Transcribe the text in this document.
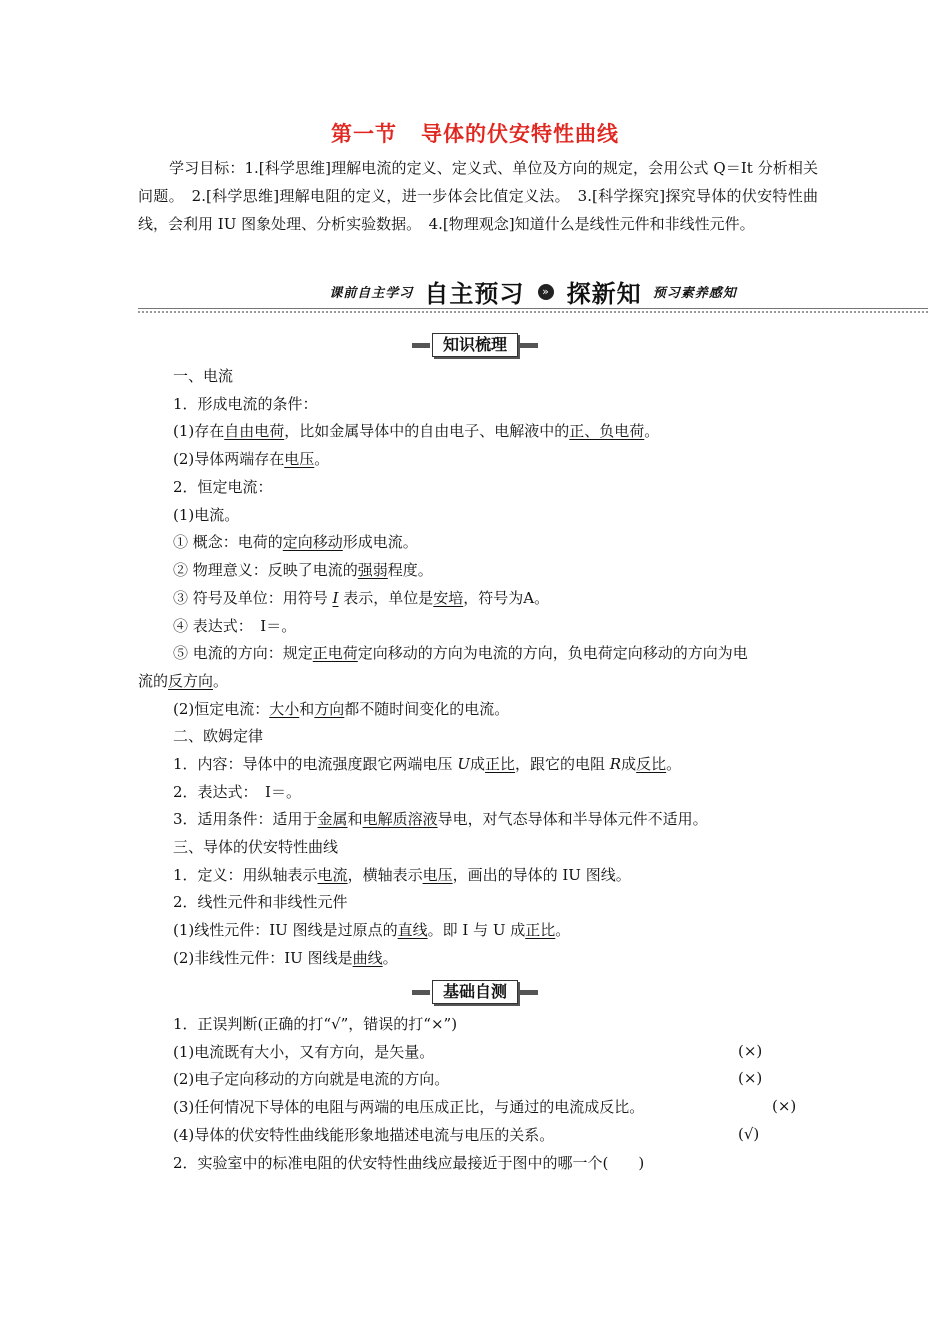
第一节 导体的伏安特性曲线
学习目标：1.[科学思维]理解电流的定义、定义式、单位及方向的规定，会用公式 Q＝It 分析相关问题。　2.[科学思维]理解电阻的定义，进一步体会比值定义法。　3.[科学探究]探究导体的伏安特性曲线，会利用 IU 图象处理、分析实验数据。　4.[物理观念]知道什么是线性元件和非线性元件。
课前自主学习 自主预习 » 探新知 预习素养感知
知识梳理
一、电流
1．形成电流的条件：
(1)存在自由电荷，比如金属导体中的自由电子、电解液中的正、负电荷。
(2)导体两端存在电压。
2．恒定电流：
(1)电流。
① 概念：电荷的定向移动形成电流。
② 物理意义：反映了电流的强弱程度。
③ 符号及单位：用符号 I 表示，单位是安培，符号为A。
④ 表达式：　I＝。
⑤ 电流的方向：规定正电荷定向移动的方向为电流的方向，负电荷定向移动的方向为电
流的反方向。
(2)恒定电流：大小和方向都不随时间变化的电流。
二、欧姆定律
1．内容：导体中的电流强度跟它两端电压 U成正比，跟它的电阻 R成反比。
2．表达式：　I＝。
3．适用条件：适用于金属和电解质溶液导电，对气态导体和半导体元件不适用。
三、导体的伏安特性曲线
1．定义：用纵轴表示电流，横轴表示电压，画出的导体的 IU 图线。
2．线性元件和非线性元件
(1)线性元件：IU 图线是过原点的直线。即 I 与 U 成正比。
(2)非线性元件：IU 图线是曲线。
基础自测
1．正误判断(正确的打“√”，错误的打“×”)
(1)电流既有大小，又有方向，是矢量。	(×)
(2)电子定向移动的方向就是电流的方向。	(×)
(3)任何情况下导体的电阻与两端的电压成正比，与通过的电流成反比。	(×)
(4)导体的伏安特性曲线能形象地描述电流与电压的关系。	(√)
2．实验室中的标准电阻的伏安特性曲线应最接近于图中的哪一个(　　)
